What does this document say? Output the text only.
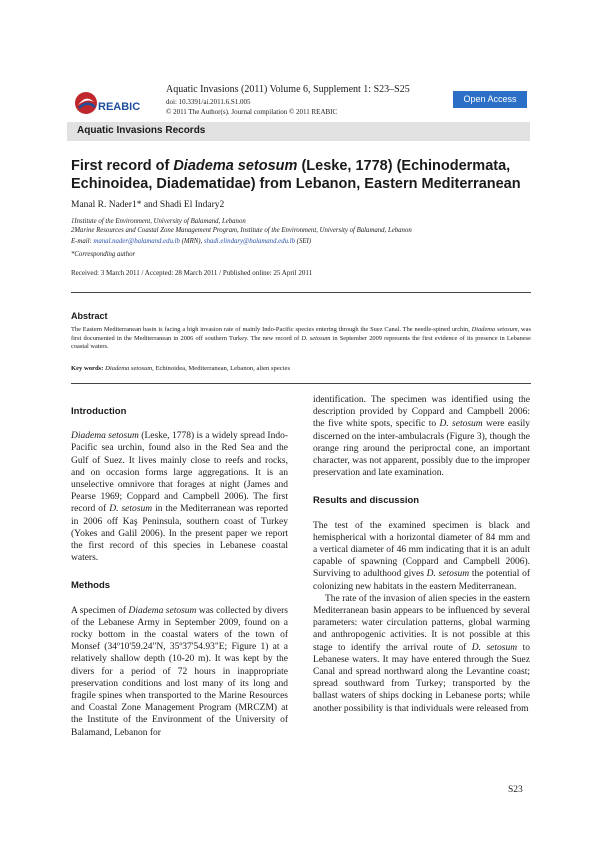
REABIC
Aquatic Invasions (2011) Volume 6, Supplement 1: S23–S25
doi: 10.3391/ai.2011.6.S1.005
© 2011 The Author(s). Journal compilation © 2011 REABIC
Open Access
Aquatic Invasions Records
First record of Diadema setosum (Leske, 1778) (Echinodermata, Echinoidea, Diadematidae) from Lebanon, Eastern Mediterranean
Manal R. Nader1* and Shadi El Indary2
1Institute of the Environment, University of Balamand, Lebanon
2Marine Resources and Coastal Zone Management Program, Institute of the Environment, University of Balamand, Lebanon
E-mail: manal.nader@balamand.edu.lb (MRN), shadi.elindary@balamand.edu.lb (SEI)
*Corresponding author
Received: 3 March 2011 / Accepted: 28 March 2011 / Published online: 25 April 2011
Abstract
The Eastern Mediterranean basin is facing a high invasion rate of mainly Indo-Pacific species entering through the Suez Canal. The needle-spined urchin, Diadema setosum, was first documented in the Mediterranean in 2006 off southern Turkey. The new record of D. setosum in September 2009 represents the first evidence of its presence in Lebanese coastal waters.
Key words: Diadema setosum, Echinoidea, Mediterranean, Lebanon, alien species
Introduction

Diadema setosum (Leske, 1778) is a widely spread Indo-Pacific sea urchin, found also in the Red Sea and the Gulf of Suez. It lives mainly close to reefs and rocks, and on occasion forms large aggregations. It is an unselective omnivore that forages at night (James and Pearse 1969; Coppard and Campbell 2006). The first record of D. setosum in the Mediterranean was reported in 2006 off Kaş Peninsula, southern coast of Turkey (Yokes and Galil 2006). In the present paper we report the first record of this species in Lebanese coastal waters.

Methods

A specimen of Diadema setosum was collected by divers of the Lebanese Army in September 2009, found on a rocky bottom in the coastal waters of the town of Monsef (34º10'59.24"N, 35º37'54.93"E; Figure 1) at a relatively shallow depth (10-20 m). It was kept by the divers for a period of 72 hours in inappropriate preservation conditions and lost many of its long and fragile spines when transported to the Marine Resources and Coastal Zone Management Program (MRCZM) at the Institute of the Environment of the University of Balamand, Lebanon for

identification. The specimen was identified using the description provided by Coppard and Campbell 2006: the five white spots, specific to D. setosum were easily discerned on the inter-ambulacrals (Figure 3), though the orange ring around the periproctal cone, an important character, was not apparent, possibly due to the improper preservation and late examination.

Results and discussion

The test of the examined specimen is black and hemispherical with a horizontal diameter of 84 mm and a vertical diameter of 46 mm indicating that it is an adult capable of spawning (Coppard and Campbell 2006). Surviving to adulthood gives D. setosum the potential of colonizing new habitats in the eastern Mediterranean.

The rate of the invasion of alien species in the eastern Mediterranean basin appears to be influenced by several parameters: water circulation patterns, global warming and anthropogenic activities. It is not possible at this stage to identify the arrival route of D. setosum to Lebanese waters. It may have entered through the Suez Canal and spread northward along the Levantine coast; spread southward from Turkey; transported by the ballast waters of ships docking in Lebanese ports; while another possibility is that individuals were released from

S23
